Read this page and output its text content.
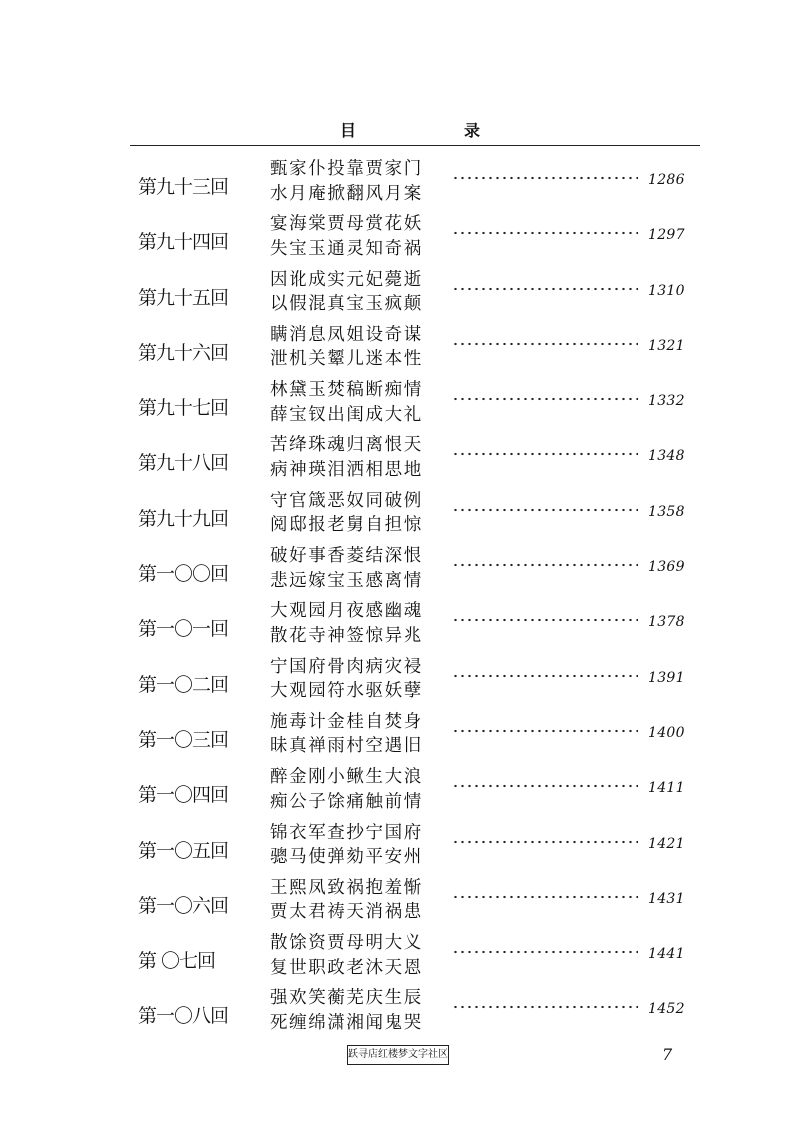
目	录
第九十三回
甄家仆投靠贾家门
水月庵掀翻风月案
1286
第九十四回
宴海棠贾母赏花妖
失宝玉通灵知奇祸
1297
第九十五回
因讹成实元妃薨逝
以假混真宝玉疯颠
1310
第九十六回
瞒消息凤姐设奇谋
泄机关颦儿迷本性
1321
第九十七回
林黛玉焚稿断痴情
薛宝钗出闺成大礼
1332
第九十八回
苦绛珠魂归离恨天
病神瑛泪洒相思地
1348
第九十九回
守官箴恶奴同破例
阅邸报老舅自担惊
1358
第一〇〇回
破好事香菱结深恨
悲远嫁宝玉感离情
1369
第一〇一回
大观园月夜感幽魂
散花寺神签惊异兆
1378
第一〇二回
宁国府骨肉病灾祲
大观园符水驱妖孽
1391
第一〇三回
施毒计金桂自焚身
昧真禅雨村空遇旧
1400
第一〇四回
醉金刚小鳅生大浪
痴公子馀痛触前情
1411
第一〇五回
锦衣军查抄宁国府
骢马使弹劾平安州
1421
第一〇六回
王熙凤致祸抱羞惭
贾太君祷天消祸患
1431
第 〇七回
散馀资贾母明大义
复世职政老沐天恩
1441
第一〇八回
强欢笑蘅芜庆生辰
死缠绵潇湘闻鬼哭
1452
跃寻店红楼梦文字社区	7
